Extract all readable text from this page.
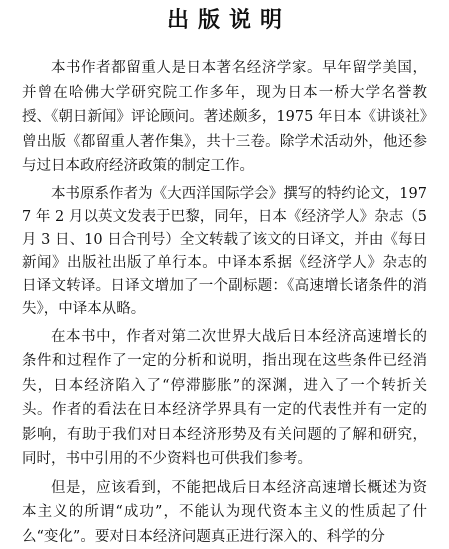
出版说明

本书作者都留重人是日本著名经济学家。早年留学美国，并曾在哈佛大学研究院工作多年，现为日本一桥大学名誉教授、《朝日新闻》评论顾问。著述颇多，1975 年日本《讲谈社》曾出版《都留重人著作集》，共十三卷。除学术活动外，他还参与过日本政府经济政策的制定工作。

本书原系作者为《大西洋国际学会》撰写的特约论文，1977 年 2 月以英文发表于巴黎，同年，日本《经济学人》杂志（5 月 3 日、10 日合刊号）全文转载了该文的日译文，并由《每日新闻》出版社出版了单行本。中译本系据《经济学人》杂志的日译文转译。日译文增加了一个副标题：《高速增长诸条件的消失》，中译本从略。

在本书中，作者对第二次世界大战后日本经济高速增长的条件和过程作了一定的分析和说明，指出现在这些条件已经消失，日本经济陷入了“停滞膨胀”的深渊，进入了一个转折关头。作者的看法在日本经济学界具有一定的代表性并有一定的影响，有助于我们对日本经济形势及有关问题的了解和研究，同时，书中引用的不少资料也可供我们参考。

但是，应该看到，不能把战后日本经济高速增长概述为资本主义的所谓“成功”，不能认为现代资本主义的性质起了什么“变化”。要对日本经济问题真正进行深入的、科学的分
